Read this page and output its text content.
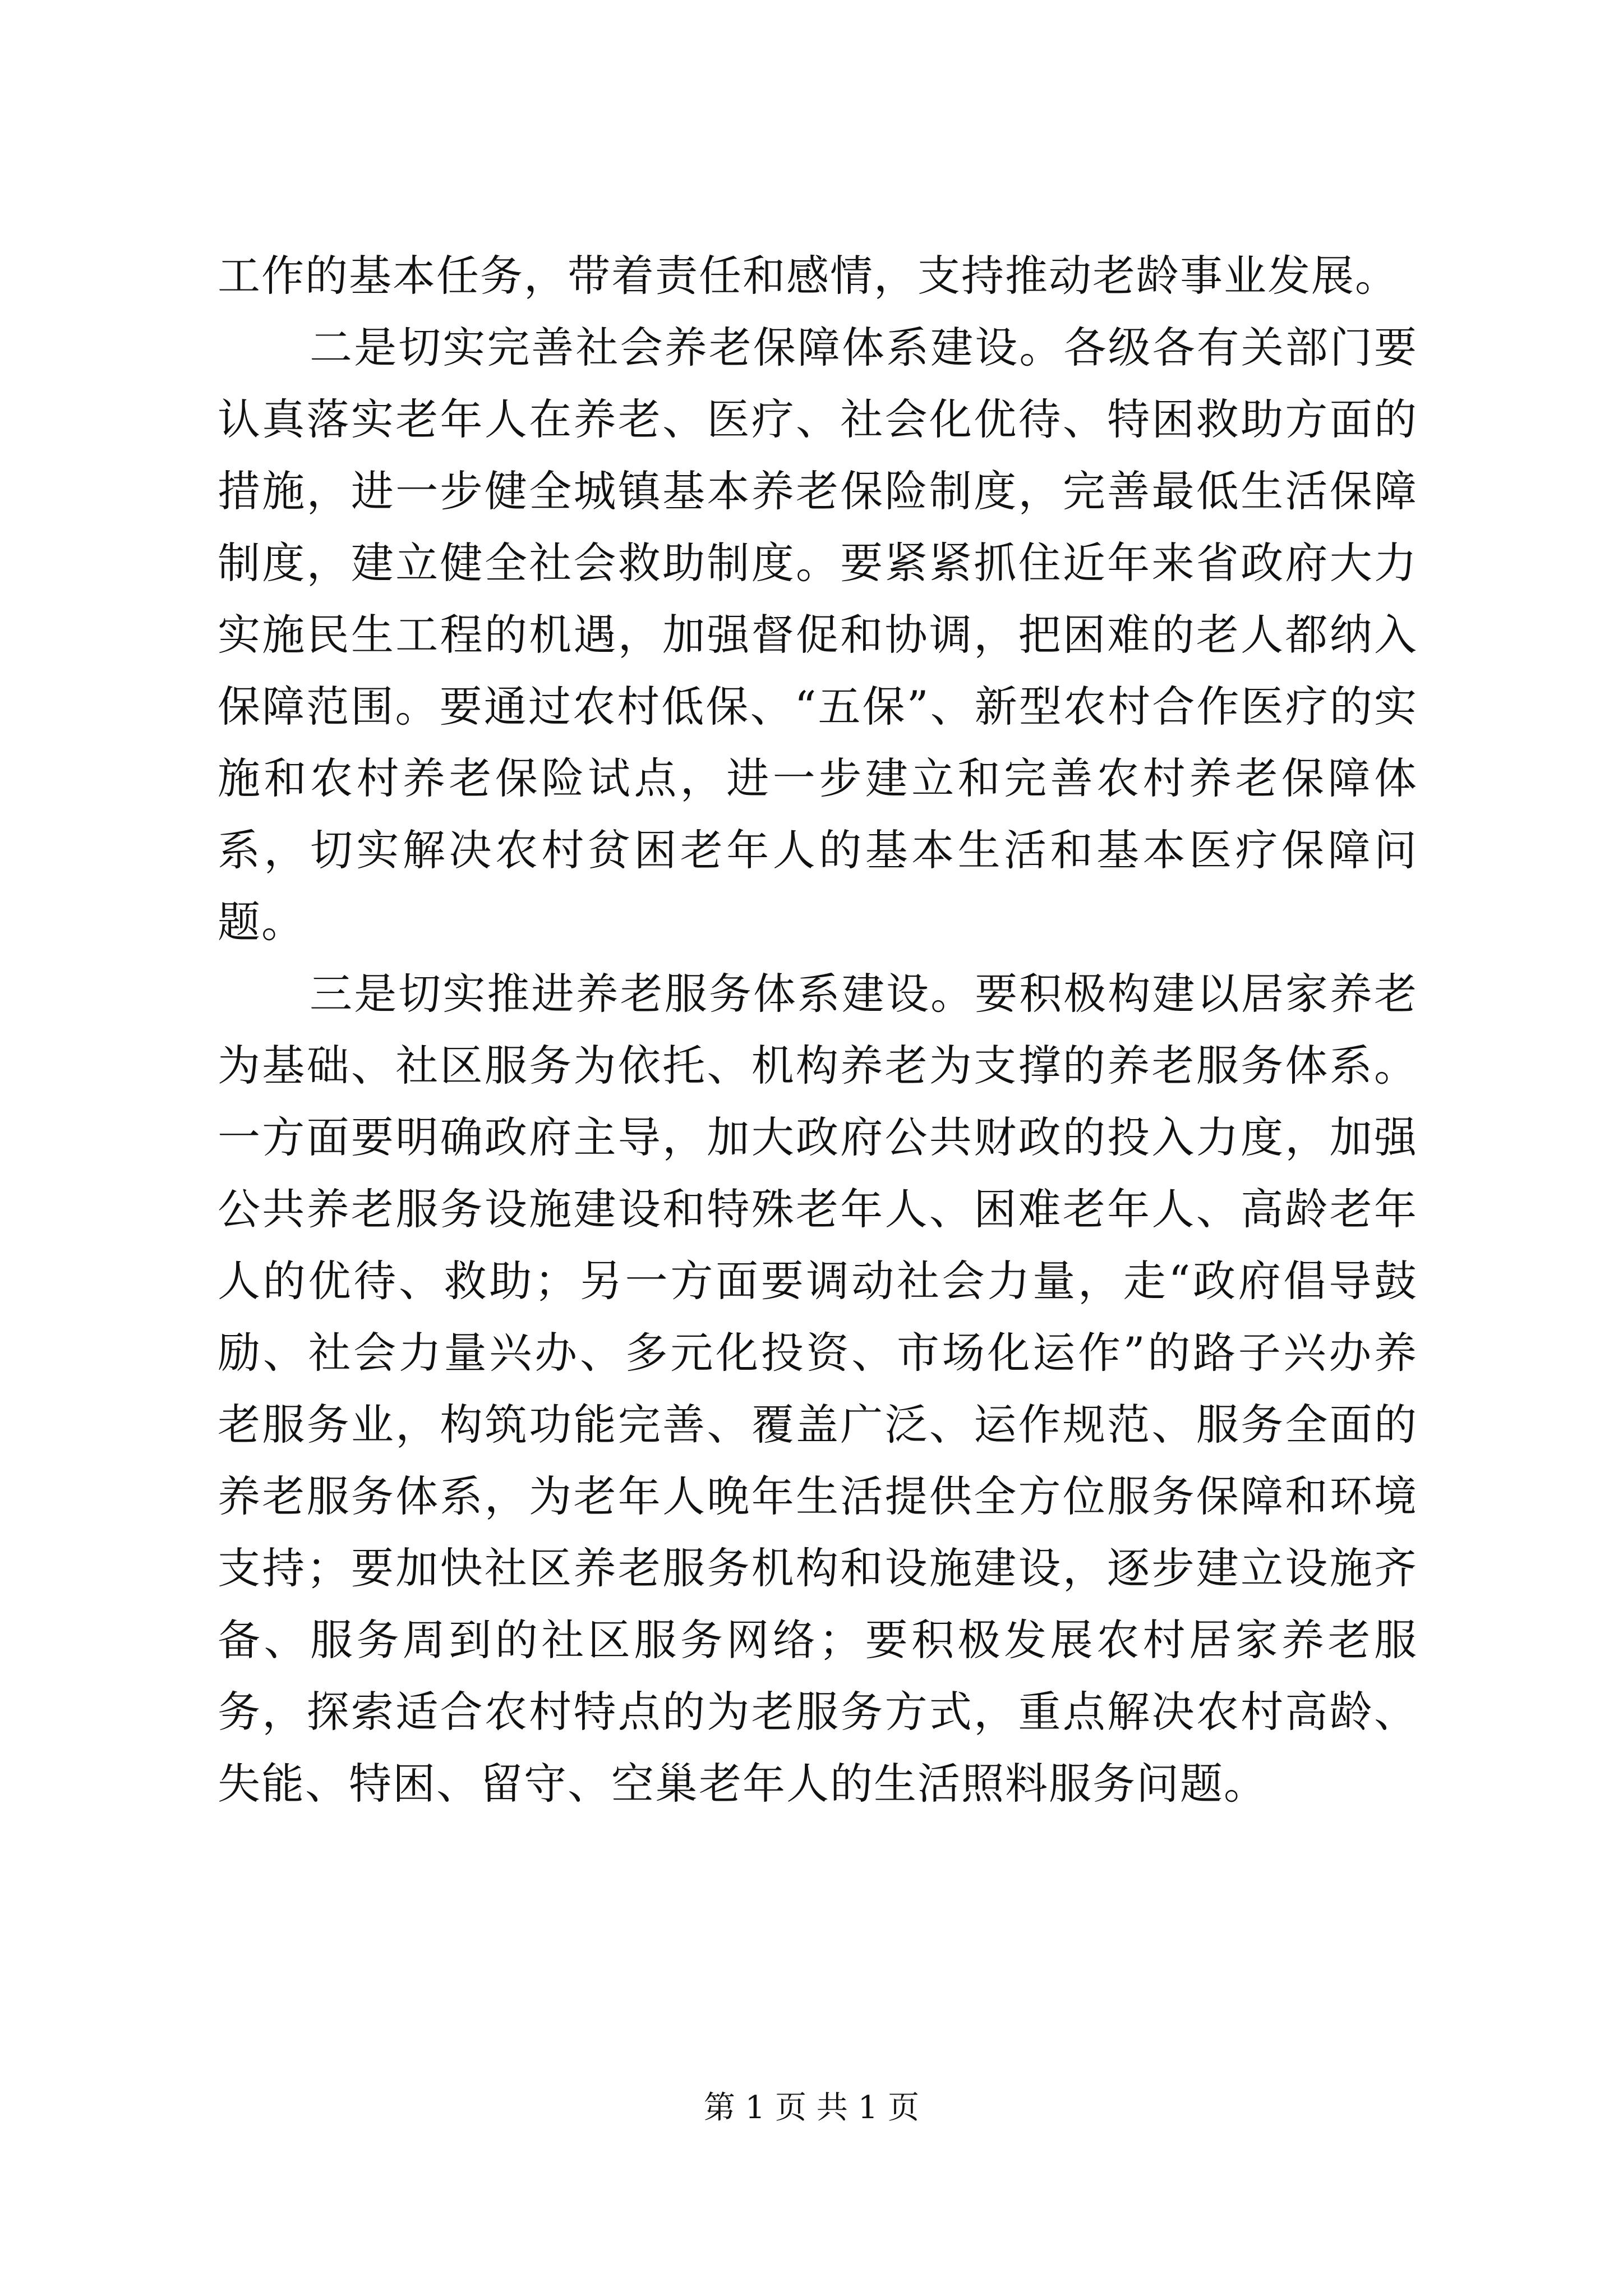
工作的基本任务，带着责任和感情，支持推动老龄事业发展。

二是切实完善社会养老保障体系建设。各级各有关部门要认真落实老年人在养老、医疗、社会化优待、特困救助方面的措施，进一步健全城镇基本养老保险制度，完善最低生活保障制度，建立健全社会救助制度。要紧紧抓住近年来省政府大力实施民生工程的机遇，加强督促和协调，把困难的老人都纳入保障范围。要通过农村低保、“五保”、新型农村合作医疗的实施和农村养老保险试点，进一步建立和完善农村养老保障体系，切实解决农村贫困老年人的基本生活和基本医疗保障问题。

三是切实推进养老服务体系建设。要积极构建以居家养老为基础、社区服务为依托、机构养老为支撑的养老服务体系。一方面要明确政府主导，加大政府公共财政的投入力度，加强公共养老服务设施建设和特殊老年人、困难老年人、高龄老年人的优待、救助；另一方面要调动社会力量，走“政府倡导鼓励、社会力量兴办、多元化投资、市场化运作”的路子兴办养老服务业，构筑功能完善、覆盖广泛、运作规范、服务全面的养老服务体系，为老年人晚年生活提供全方位服务保障和环境支持；要加快社区养老服务机构和设施建设，逐步建立设施齐备、服务周到的社区服务网络；要积极发展农村居家养老服务，探索适合农村特点的为老服务方式，重点解决农村高龄、失能、特困、留守、空巢老年人的生活照料服务问题。

第 1 页 共 1 页
